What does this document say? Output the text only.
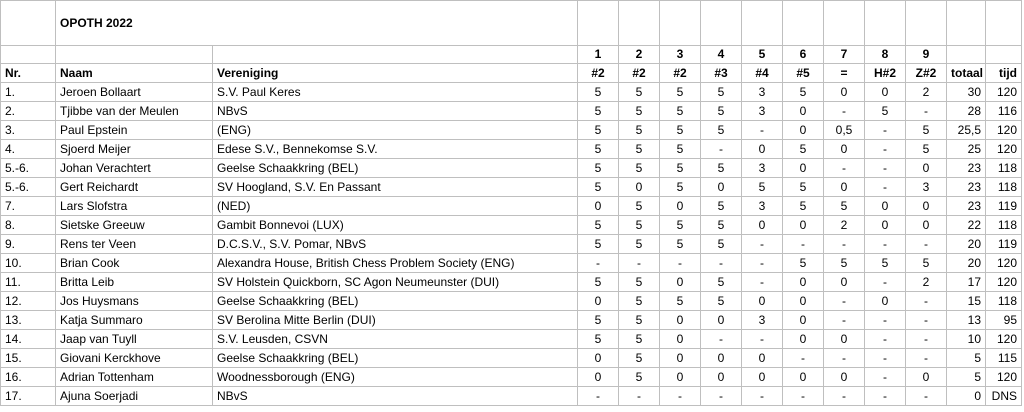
	OPOTH 2022												
			1	2	3	4	5	6	7	8	9		
Nr.	Naam	Vereniging	#2	#2	#2	#3	#4	#5	=	H#2	Z#2	totaal	tijd
1.	Jeroen Bollaart	S.V. Paul Keres	5	5	5	5	3	5	0	0	2	30	120
2.	Tjibbe van der Meulen	NBvS	5	5	5	5	3	0	-	5	-	28	116
3.	Paul Epstein	(ENG)	5	5	5	5	-	0	0,5	-	5	25,5	120
4.	Sjoerd Meijer	Edese S.V., Bennekomse S.V.	5	5	5	-	0	5	0	-	5	25	120
5.-6.	Johan Verachtert	Geelse Schaakkring (BEL)	5	5	5	5	3	0	-	-	0	23	118
5.-6.	Gert Reichardt	SV Hoogland, S.V. En Passant	5	0	5	0	5	5	0	-	3	23	118
7.	Lars Slofstra	(NED)	0	5	0	5	3	5	5	0	0	23	119
8.	Sietske Greeuw	Gambit Bonnevoi (LUX)	5	5	5	5	0	0	2	0	0	22	118
9.	Rens ter Veen	D.C.S.V., S.V. Pomar, NBvS	5	5	5	5	-	-	-	-	-	20	119
10.	Brian Cook	Alexandra House, British Chess Problem Society (ENG)	-	-	-	-	-	5	5	5	5	20	120
11.	Britta Leib	SV Holstein Quickborn, SC Agon Neumeunster (DUI)	5	5	0	5	-	0	0	-	2	17	120
12.	Jos Huysmans	Geelse Schaakkring (BEL)	0	5	5	5	0	0	-	0	-	15	118
13.	Katja Summaro	SV Berolina Mitte Berlin (DUI)	5	5	0	0	3	0	-	-	-	13	95
14.	Jaap van Tuyll	S.V. Leusden, CSVN	5	5	0	-	-	0	0	-	-	10	120
15.	Giovani Kerckhove	Geelse Schaakkring (BEL)	0	5	0	0	0	-	-	-	-	5	115
16.	Adrian Tottenham	Woodnessborough (ENG)	0	5	0	0	0	0	0	-	0	5	120
17.	Ajuna Soerjadi	NBvS	-	-	-	-	-	-	-	-	-	0	DNS
